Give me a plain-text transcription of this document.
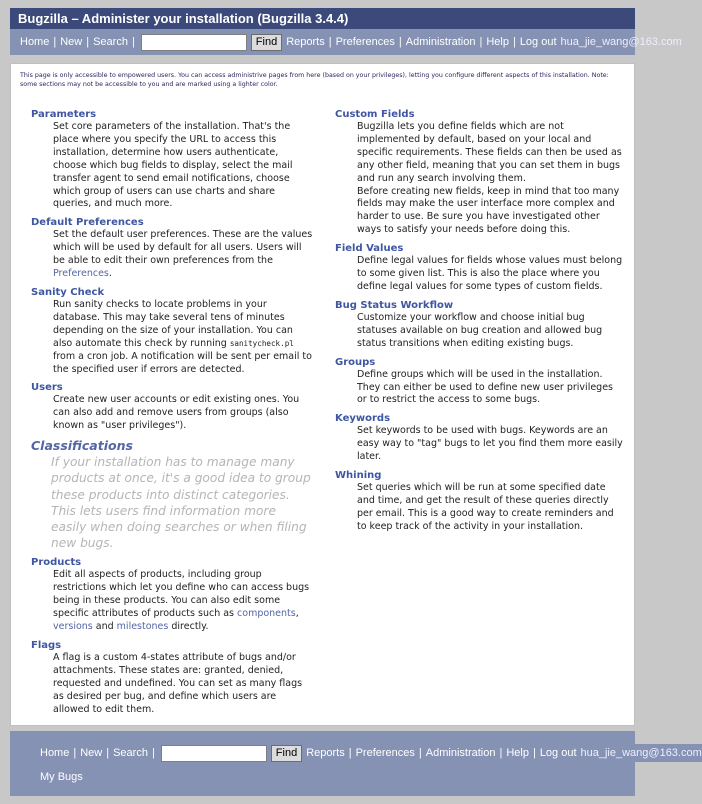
Bugzilla – Administer your installation (Bugzilla 3.4.4)
Home | New | Search |	Find Reports | Preferences | Administration | Help | Log out hua_jie_wang@163.com
This page is only accessible to empowered users. You can access administrive pages from here (based on your privileges), letting you configure different aspects of this installation. Note: some sections may not be accessible to you and are marked using a lighter color.
Parameters
Set core parameters of the installation. That's the place where you specify the URL to access this installation, determine how users authenticate, choose which bug fields to display, select the mail transfer agent to send email notifications, choose which group of users can use charts and share queries, and much more.
Default Preferences
Set the default user preferences. These are the values which will be used by default for all users. Users will be able to edit their own preferences from the Preferences.
Sanity Check
Run sanity checks to locate problems in your database. This may take several tens of minutes depending on the size of your installation. You can also automate this check by running sanitycheck.pl from a cron job. A notification will be sent per email to the specified user if errors are detected.
Users
Create new user accounts or edit existing ones. You can also add and remove users from groups (also known as "user privileges").
Classifications
If your installation has to manage many products at once, it's a good idea to group these products into distinct categories. This lets users find information more easily when doing searches or when filing new bugs.
Products
Edit all aspects of products, including group restrictions which let you define who can access bugs being in these products. You can also edit some specific attributes of products such as components, versions and milestones directly.
Flags
A flag is a custom 4-states attribute of bugs and/or attachments. These states are: granted, denied, requested and undefined. You can set as many flags as desired per bug, and define which users are allowed to edit them.
Custom Fields
Bugzilla lets you define fields which are not implemented by default, based on your local and specific requirements. These fields can then be used as any other field, meaning that you can set them in bugs and run any search involving them.
Before creating new fields, keep in mind that too many fields may make the user interface more complex and harder to use. Be sure you have investigated other ways to satisfy your needs before doing this.
Field Values
Define legal values for fields whose values must belong to some given list. This is also the place where you define legal values for some types of custom fields.
Bug Status Workflow
Customize your workflow and choose initial bug statuses available on bug creation and allowed bug status transitions when editing existing bugs.
Groups
Define groups which will be used in the installation. They can either be used to define new user privileges or to restrict the access to some bugs.
Keywords
Set keywords to be used with bugs. Keywords are an easy way to "tag" bugs to let you find them more easily later.
Whining
Set queries which will be run at some specified date and time, and get the result of these queries directly per email. This is a good way to create reminders and to keep track of the activity in your installation.
Home | New | Search |	Find Reports | Preferences | Administration | Help | Log out hua_jie_wang@163.com
My Bugs
